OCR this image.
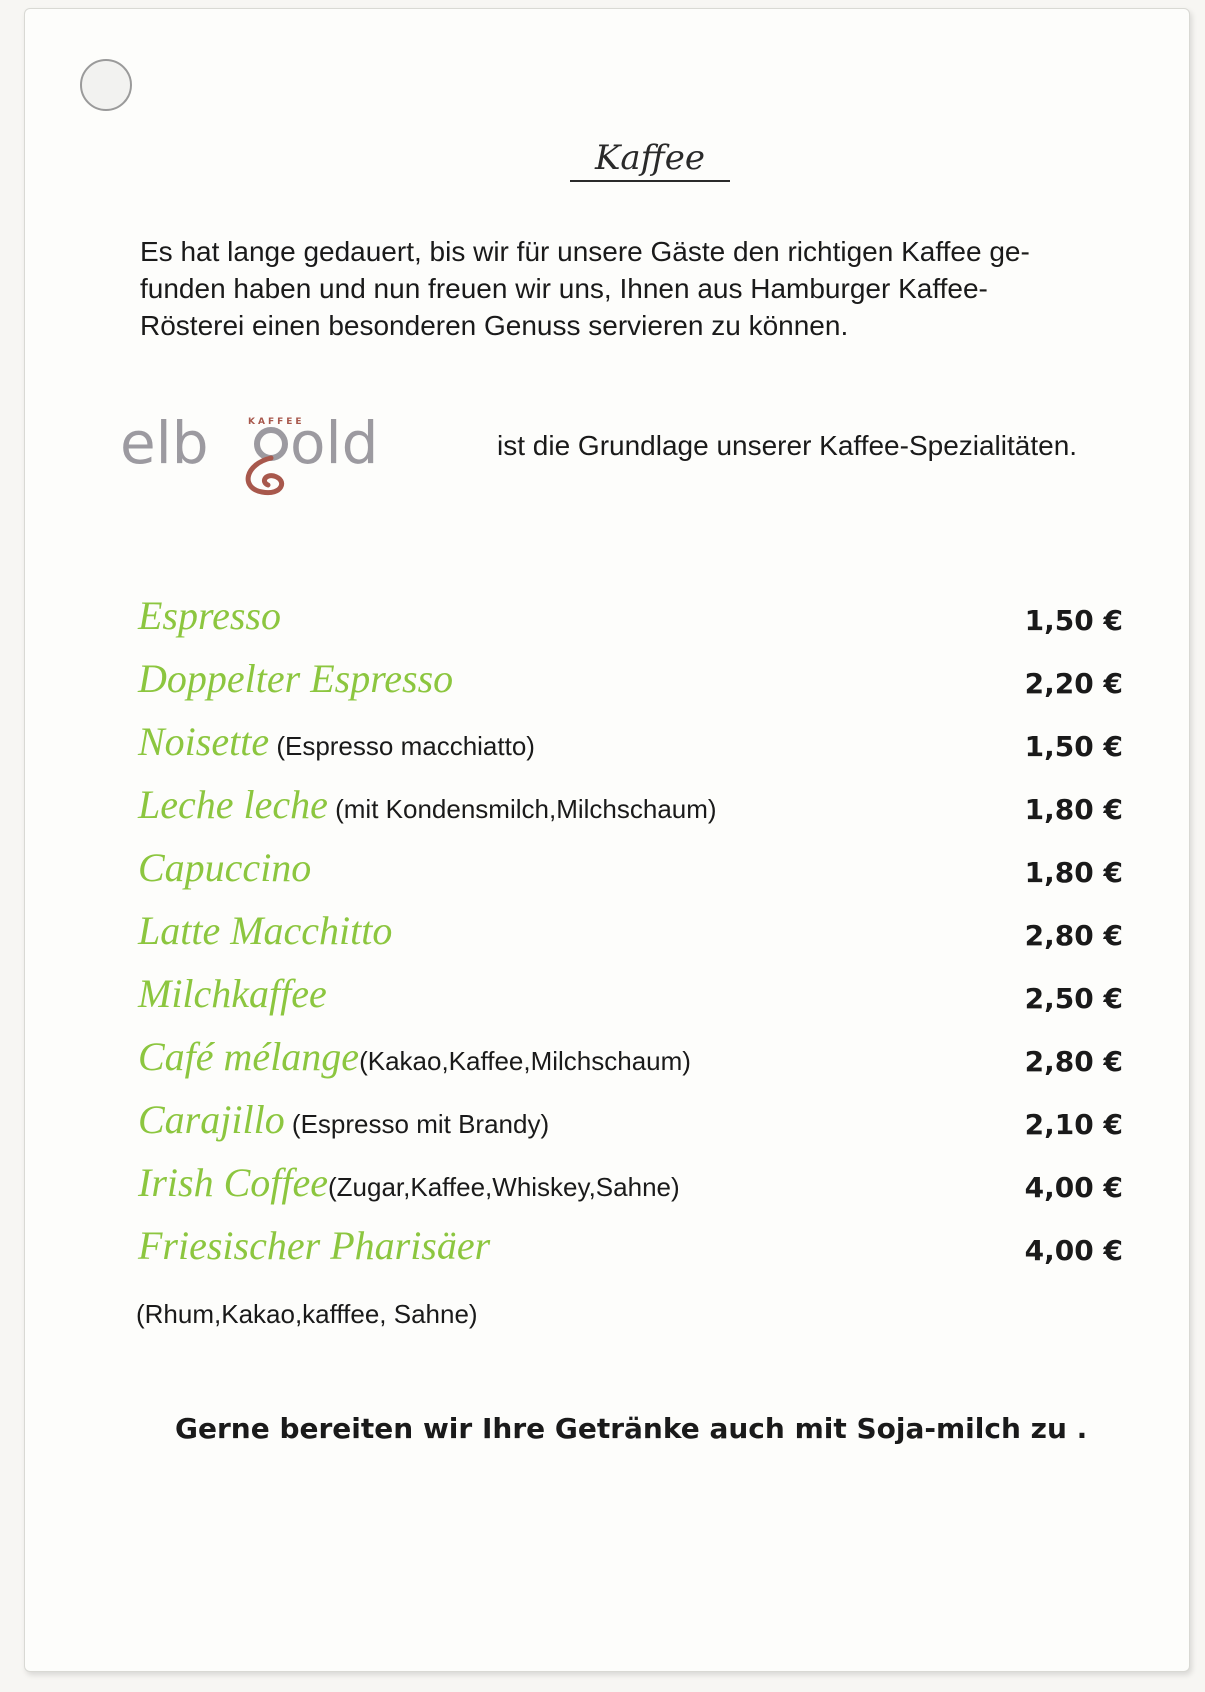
Kaffee

Es hat lange gedauert, bis wir für unsere Gäste den richtigen Kaffee ge-
funden haben und nun freuen wir uns, Ihnen aus Hamburger Kaffee-
Rösterei einen besonderen Genuss servieren zu können.

KAFFEE
elb old	ist die Grundlage unserer Kaffee-Spezialitäten.
Espresso	1,50 €
Doppelter Espresso	2,20 €
Noisette (Espresso macchiatto)	1,50 €
Leche leche (mit Kondensmilch,Milchschaum)	1,80 €
Capuccino	1,80 €
Latte Macchitto	2,80 €
Milchkaffee	2,50 €
Café mélange(Kakao,Kaffee,Milchschaum)	2,80 €
Carajillo (Espresso mit Brandy)	2,10 €
Irish Coffee(Zugar,Kaffee,Whiskey,Sahne)	4,00 €
Friesischer Pharisäer	4,00 €
(Rhum,Kakao,kafffee, Sahne)
Gerne bereiten wir Ihre Getränke auch mit Soja-milch zu .
